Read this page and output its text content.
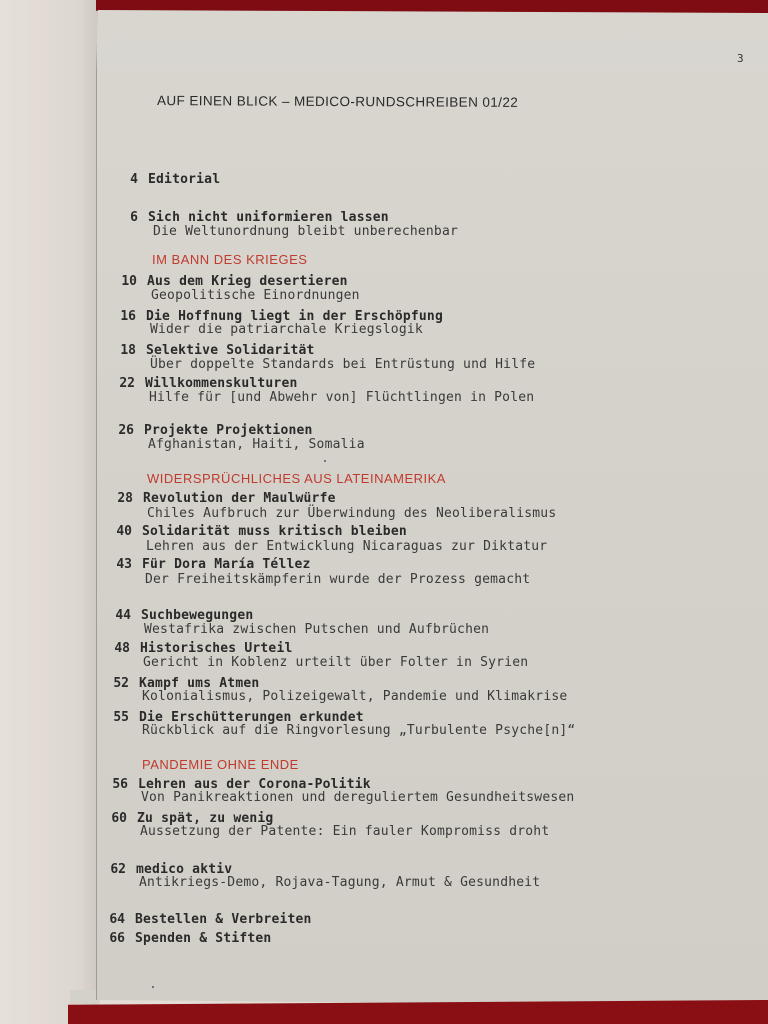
3
AUF EINEN BLICK – MEDICO-RUNDSCHREIBEN 01/22
4 Editorial
6 Sich nicht uniformieren lassen
Die Weltunordnung bleibt unberechenbar
IM BANN DES KRIEGES
10 Aus dem Krieg desertieren
Geopolitische Einordnungen
16 Die Hoffnung liegt in der Erschöpfung
Wider die patriarchale Kriegslogik
18 Selektive Solidarität
Über doppelte Standards bei Entrüstung und Hilfe
22 Willkommenskulturen
Hilfe für [und Abwehr von] Flüchtlingen in Polen
26 Projekte Projektionen
Afghanistan, Haiti, Somalia
WIDERSPRÜCHLICHES AUS LATEINAMERIKA
28 Revolution der Maulwürfe
Chiles Aufbruch zur Überwindung des Neoliberalismus
40 Solidarität muss kritisch bleiben
Lehren aus der Entwicklung Nicaraguas zur Diktatur
43 Für Dora María Téllez
Der Freiheitskämpferin wurde der Prozess gemacht
44 Suchbewegungen
Westafrika zwischen Putschen und Aufbrüchen
48 Historisches Urteil
Gericht in Koblenz urteilt über Folter in Syrien
52 Kampf ums Atmen
Kolonialismus, Polizeigewalt, Pandemie und Klimakrise
55 Die Erschütterungen erkundet
Rückblick auf die Ringvorlesung „Turbulente Psyche[n]“
PANDEMIE OHNE ENDE
56 Lehren aus der Corona-Politik
Von Panikreaktionen und dereguliertem Gesundheitswesen
60 Zu spät, zu wenig
Aussetzung der Patente: Ein fauler Kompromiss droht
62 medico aktiv
Antikriegs-Demo, Rojava-Tagung, Armut & Gesundheit
64 Bestellen & Verbreiten
66 Spenden & Stiften
